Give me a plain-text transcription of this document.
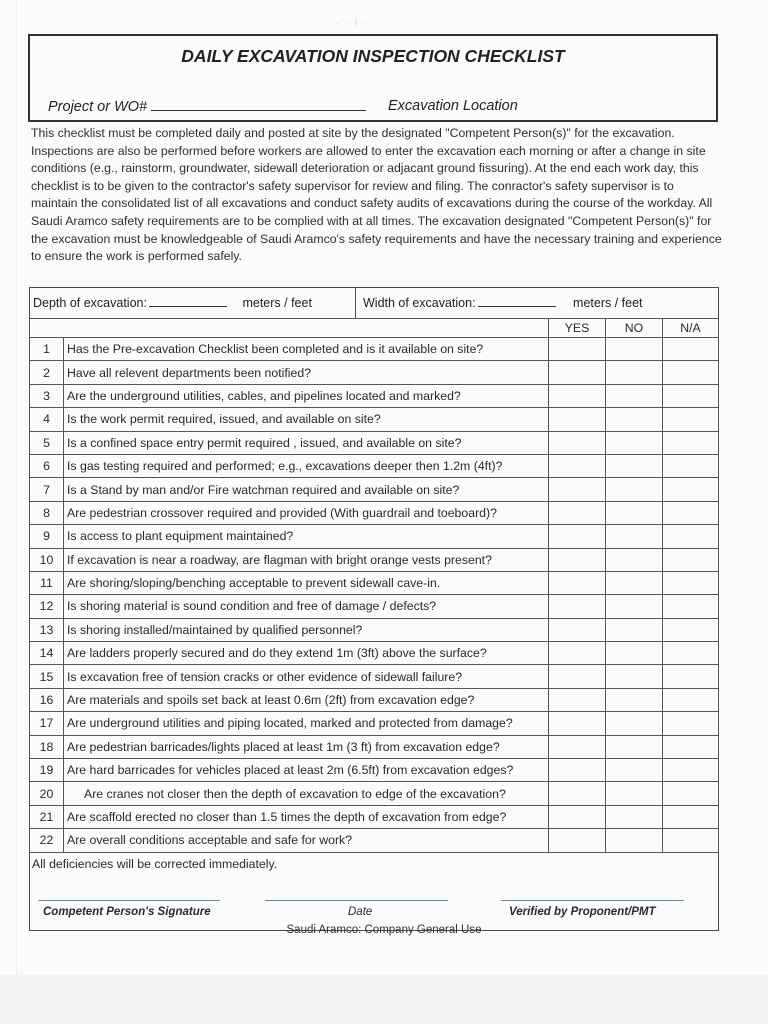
· · \ ·
DAILY EXCAVATION INSPECTION CHECKLIST
Project or WO#	Excavation Location
This checklist must be completed daily and posted at site by the designated "Competent Person(s)" for the excavation. Inspections are also be performed before workers are allowed to enter the excavation each morning or after a change in site conditions (e.g., rainstorm, groundwater, sidewall deterioration or adjacant ground fissuring). At the end each work day, this checklist is to be given to the contractor's safety supervisor for review and filing. The conractor's safety supervisor is to maintain the consolidated list of all excavations and conduct safety audits of excavations during the course of the workday. All Saudi Aramco safety requirements are to be complied with at all times. The excavation designated "Competent Person(s)" for the excavation must be knowledgeable of Saudi Aramco's safety requirements and have the necessary training and experience to ensure the work is performed safely.
Depth of excavation:	meters / feet	Width of excavation:	meters / feet
		YES	NO	N/A
1	Has the Pre-excavation Checklist been completed and is it available on site?			
2	Have all relevent departments been notified?			
3	Are the underground utilities, cables, and pipelines located and marked?			
4	Is the work permit required, issued, and available on site?			
5	Is a confined space entry permit required , issued, and available on site?			
6	Is gas testing required and performed; e.g., excavations deeper then 1.2m (4ft)?			
7	Is a Stand by man and/or Fire watchman required and available on site?			
8	Are pedestrian crossover required and provided (With guardrail and toeboard)?			
9	Is access to plant equipment maintained?			
10	If excavation is near a roadway, are flagman with bright orange vests present?			
11	Are shoring/sloping/benching acceptable to prevent sidewall cave-in.			
12	Is shoring material is sound condition and free of damage / defects?			
13	Is shoring installed/maintained by qualified personnel?			
14	Are ladders properly secured and do they extend 1m (3ft) above the surface?			
15	Is excavation free of tension cracks or other evidence of sidewall failure?			
16	Are materials and spoils set back at least 0.6m (2ft) from excavation edge?			
17	Are underground utilities and piping located, marked and protected from damage?			
18	Are pedestrian barricades/lights placed at least 1m (3 ft) from excavation edge?			
19	Are hard barricades for vehicles placed at least 2m (6.5ft) from excavation edges?			
20	Are cranes not closer then the depth of excavation to edge of the excavation?			
21	Are scaffold erected no closer than 1.5 times the depth of excavation from edge?			
22	Are overall conditions acceptable and safe for work?			
All deficiencies will be corrected immediately.
Competent Person's Signature	Date	Verified by Proponent/PMT
Saudi Aramco: Company General Use
